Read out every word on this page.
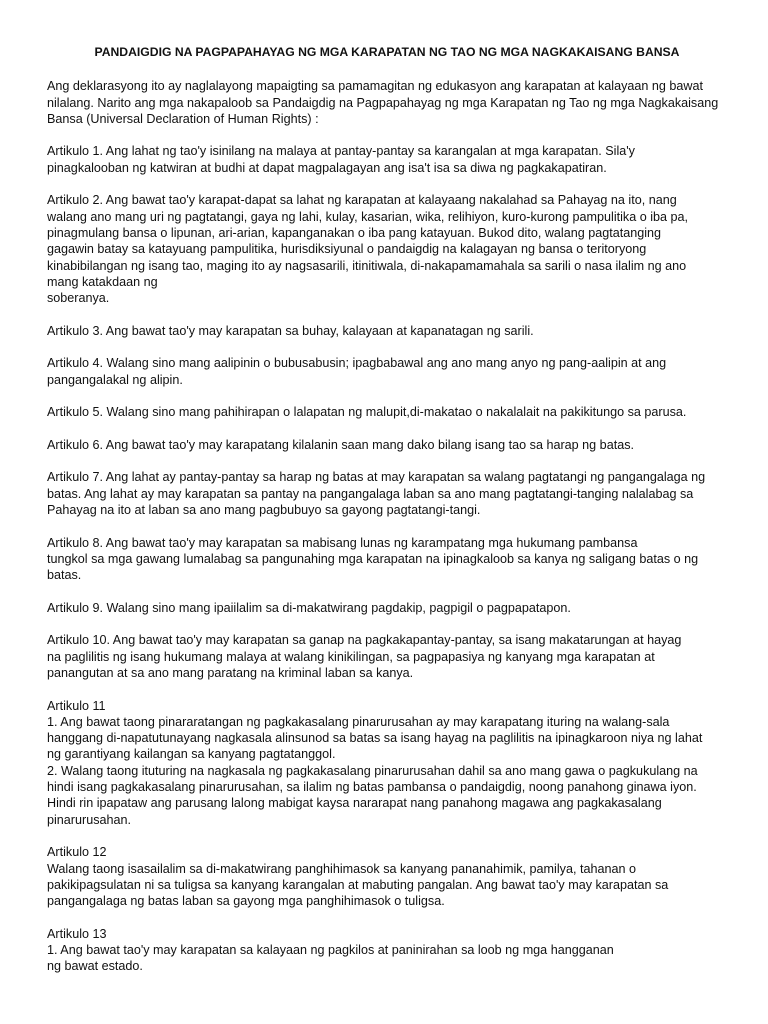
PANDAIGDIG NA PAGPAPAHAYAG NG MGA KARAPATAN NG TAO NG MGA NAGKAKAISANG BANSA
Ang deklarasyong ito ay naglalayong mapaigting sa pamamagitan ng edukasyon ang karapatan at kalayaan ng bawat
nilalang. Narito ang mga nakapaloob sa Pandaigdig na Pagpapahayag ng mga Karapatan ng Tao ng mga Nagkakaisang
Bansa (Universal Declaration of Human Rights) :
Artikulo 1. Ang lahat ng tao'y isinilang na malaya at pantay-pantay sa karangalan at mga karapatan. Sila'y
pinagkalooban ng katwiran at budhi at dapat magpalagayan ang isa't isa sa diwa ng pagkakapatiran.
Artikulo 2. Ang bawat tao'y karapat-dapat sa lahat ng karapatan at kalayaang nakalahad sa Pahayag na ito, nang
walang ano mang uri ng pagtatangi, gaya ng lahi, kulay, kasarian, wika, relihiyon, kuro-kurong pampulitika o iba pa,
pinagmulang bansa o lipunan, ari-arian, kapanganakan o iba pang katayuan. Bukod dito, walang pagtatanging
gagawin batay sa katayuang pampulitika, hurisdiksiyunal o pandaigdig na kalagayan ng bansa o teritoryong
kinabibilangan ng isang tao, maging ito ay nagsasarili, itinitiwala, di-nakapamamahala sa sarili o nasa ilalim ng ano
mang katakdaan ng
soberanya.
Artikulo 3. Ang bawat tao'y may karapatan sa buhay, kalayaan at kapanatagan ng sarili.
Artikulo 4. Walang sino mang aalipinin o bubusabusin; ipagbabawal ang ano mang anyo ng pang-aalipin at ang
pangangalakal ng alipin.
Artikulo 5. Walang sino mang pahihirapan o lalapatan ng malupit,di-makatao o nakalalait na pakikitungo sa parusa.
Artikulo 6. Ang bawat tao'y may karapatang kilalanin saan mang dako bilang isang tao sa harap ng batas.
Artikulo 7. Ang lahat ay pantay-pantay sa harap ng batas at may karapatan sa walang pagtatangi ng pangangalaga ng
batas. Ang lahat ay may karapatan sa pantay na pangangalaga laban sa ano mang pagtatangi-tanging nalalabag sa
Pahayag na ito at laban sa ano mang pagbubuyo sa gayong pagtatangi-tangi.
Artikulo 8. Ang bawat tao'y may karapatan sa mabisang lunas ng karampatang mga hukumang pambansa
tungkol sa mga gawang lumalabag sa pangunahing mga karapatan na ipinagkaloob sa kanya ng saligang batas o ng
batas.
Artikulo 9. Walang sino mang ipaiilalim sa di-makatwirang pagdakip, pagpigil o pagpapatapon.
Artikulo 10. Ang bawat tao'y may karapatan sa ganap na pagkakapantay-pantay, sa isang makatarungan at hayag
na paglilitis ng isang hukumang malaya at walang kinikilingan, sa pagpapasiya ng kanyang mga karapatan at
panangutan at sa ano mang paratang na kriminal laban sa kanya.
Artikulo 11
1. Ang bawat taong pinararatangan ng pagkakasalang pinarurusahan ay may karapatang ituring na walang-sala
hanggang di-napatutunayang nagkasala alinsunod sa batas sa isang hayag na paglilitis na ipinagkaroon niya ng lahat
ng garantiyang kailangan sa kanyang pagtatanggol.
2. Walang taong ituturing na nagkasala ng pagkakasalang pinarurusahan dahil sa ano mang gawa o pagkukulang na
hindi isang pagkakasalang pinarurusahan, sa ilalim ng batas pambansa o pandaigdig, noong panahong ginawa iyon.
Hindi rin ipapataw ang parusang lalong mabigat kaysa nararapat nang panahong magawa ang pagkakasalang
pinarurusahan.
Artikulo 12
Walang taong isasailalim sa di-makatwirang panghihimasok sa kanyang pananahimik, pamilya, tahanan o
pakikipagsulatan ni sa tuligsa sa kanyang karangalan at mabuting pangalan. Ang bawat tao'y may karapatan sa
pangangalaga ng batas laban sa gayong mga panghihimasok o tuligsa.
Artikulo 13
1. Ang bawat tao'y may karapatan sa kalayaan ng pagkilos at paninirahan sa loob ng mga hangganan
ng bawat estado.
